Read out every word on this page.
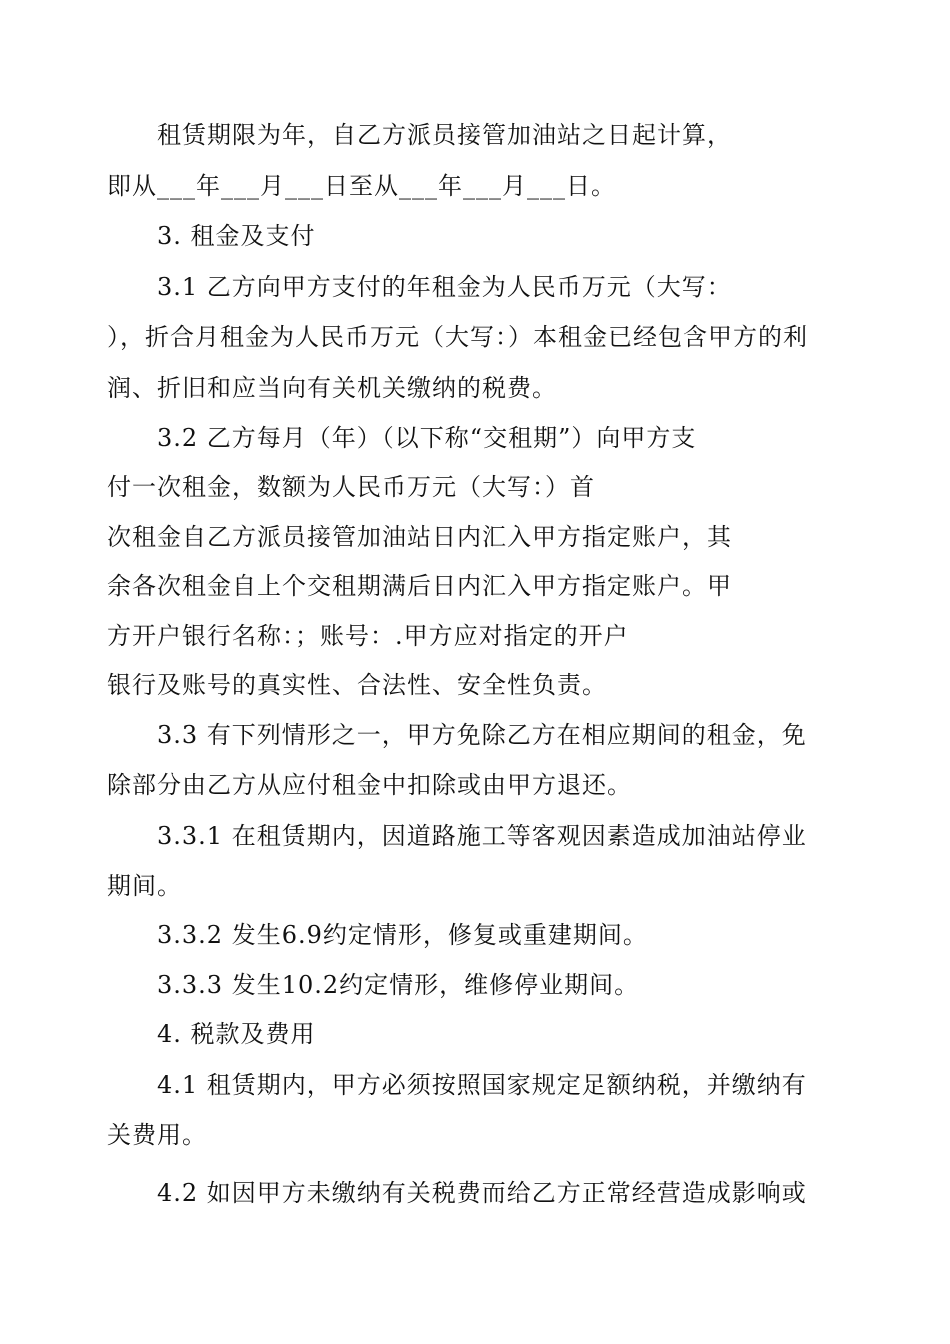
租赁期限为年，自乙方派员接管加油站之日起计算，
即从___年___月___日至从___年___月___日。
3. 租金及支付
3.1 乙方向甲方支付的年租金为人民币万元（大写：
），折合月租金为人民币万元（大写：）本租金已经包含甲方的利
润、折旧和应当向有关机关缴纳的税费。
3.2 乙方每月（年）（以下称“交租期”）向甲方支
付一次租金，数额为人民币万元（大写：）首
次租金自乙方派员接管加油站日内汇入甲方指定账户，其
余各次租金自上个交租期满后日内汇入甲方指定账户。甲
方开户银行名称：；账号：.甲方应对指定的开户
银行及账号的真实性、合法性、安全性负责。
3.3 有下列情形之一，甲方免除乙方在相应期间的租金，免
除部分由乙方从应付租金中扣除或由甲方退还。
3.3.1 在租赁期内，因道路施工等客观因素造成加油站停业
期间。
3.3.2 发生6.9约定情形，修复或重建期间。
3.3.3 发生10.2约定情形，维修停业期间。
4. 税款及费用
4.1 租赁期内，甲方必须按照国家规定足额纳税，并缴纳有
关费用。
4.2 如因甲方未缴纳有关税费而给乙方正常经营造成影响或
